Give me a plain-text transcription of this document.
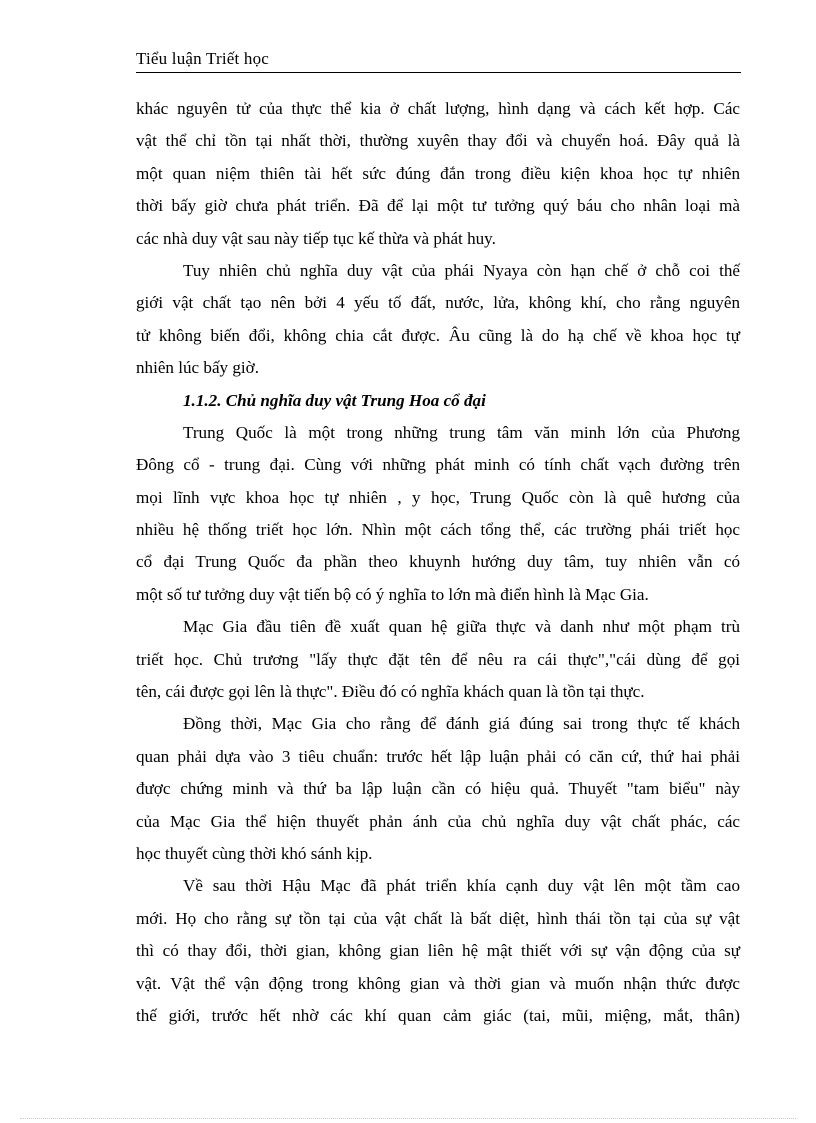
Tiểu luận Triết học
khác nguyên tử của thực thể kia ở chất lượng, hình dạng và cách kết hợp. Các
vật thể chỉ tồn tại nhất thời, thường xuyên thay đổi và chuyển hoá. Đây quả là
một quan niệm thiên tài hết sức đúng đắn trong điều kiện khoa học tự nhiên
thời bấy giờ chưa phát triển. Đã để lại một tư tưởng quý báu cho nhân loại mà
các nhà duy vật sau này tiếp tục kế thừa và phát huy.
Tuy nhiên chủ nghĩa duy vật của phái Nyaya còn hạn chế ở chỗ coi thế
giới vật chất tạo nên bởi 4 yếu tố đất, nước, lửa, không khí, cho rằng nguyên
tử không biến đổi, không chia cắt được. Âu cũng là do hạ chế về khoa học tự
nhiên lúc bấy giờ.
1.1.2. Chủ nghĩa duy vật Trung Hoa cổ đại
Trung Quốc là một trong những trung tâm văn minh lớn của Phương
Đông cổ - trung đại. Cùng với những phát minh có tính chất vạch đường trên
mọi lĩnh vực khoa học tự nhiên , y học, Trung Quốc còn là quê hương của
nhiều hệ thống triết học lớn. Nhìn một cách tổng thể, các trường phái triết học
cổ đại Trung Quốc đa phần theo khuynh hướng duy tâm, tuy nhiên vẫn có
một số tư tưởng duy vật tiến bộ có ý nghĩa to lớn mà điển hình là Mạc Gia.
Mạc Gia đầu tiên đề xuất quan hệ giữa thực và danh như một phạm trù
triết học. Chủ trương "lấy thực đặt tên để nêu ra cái thực","cái dùng để gọi
tên, cái được gọi lên là thực". Điều đó có nghĩa khách quan là tồn tại thực.
Đồng thời, Mạc Gia cho rằng để đánh giá đúng sai trong thực tế khách
quan phải dựa vào 3 tiêu chuẩn: trước hết lập luận phải có căn cứ, thứ hai phải
được chứng minh và thứ ba lập luận cần có hiệu quả. Thuyết "tam biểu" này
của Mạc Gia thể hiện thuyết phản ánh của chủ nghĩa duy vật chất phác, các
học thuyết cùng thời khó sánh kịp.
Về sau thời Hậu Mạc đã phát triển khía cạnh duy vật lên một tầm cao
mới. Họ cho rằng sự tồn tại của vật chất là bất diệt, hình thái tồn tại của sự vật
thì có thay đổi, thời gian, không gian liên hệ mật thiết với sự vận động của sự
vật. Vật thể vận động trong không gian và thời gian và muốn nhận thức được
thế giới, trước hết nhờ các khí quan cảm giác (tai, mũi, miệng, mắt, thân)
